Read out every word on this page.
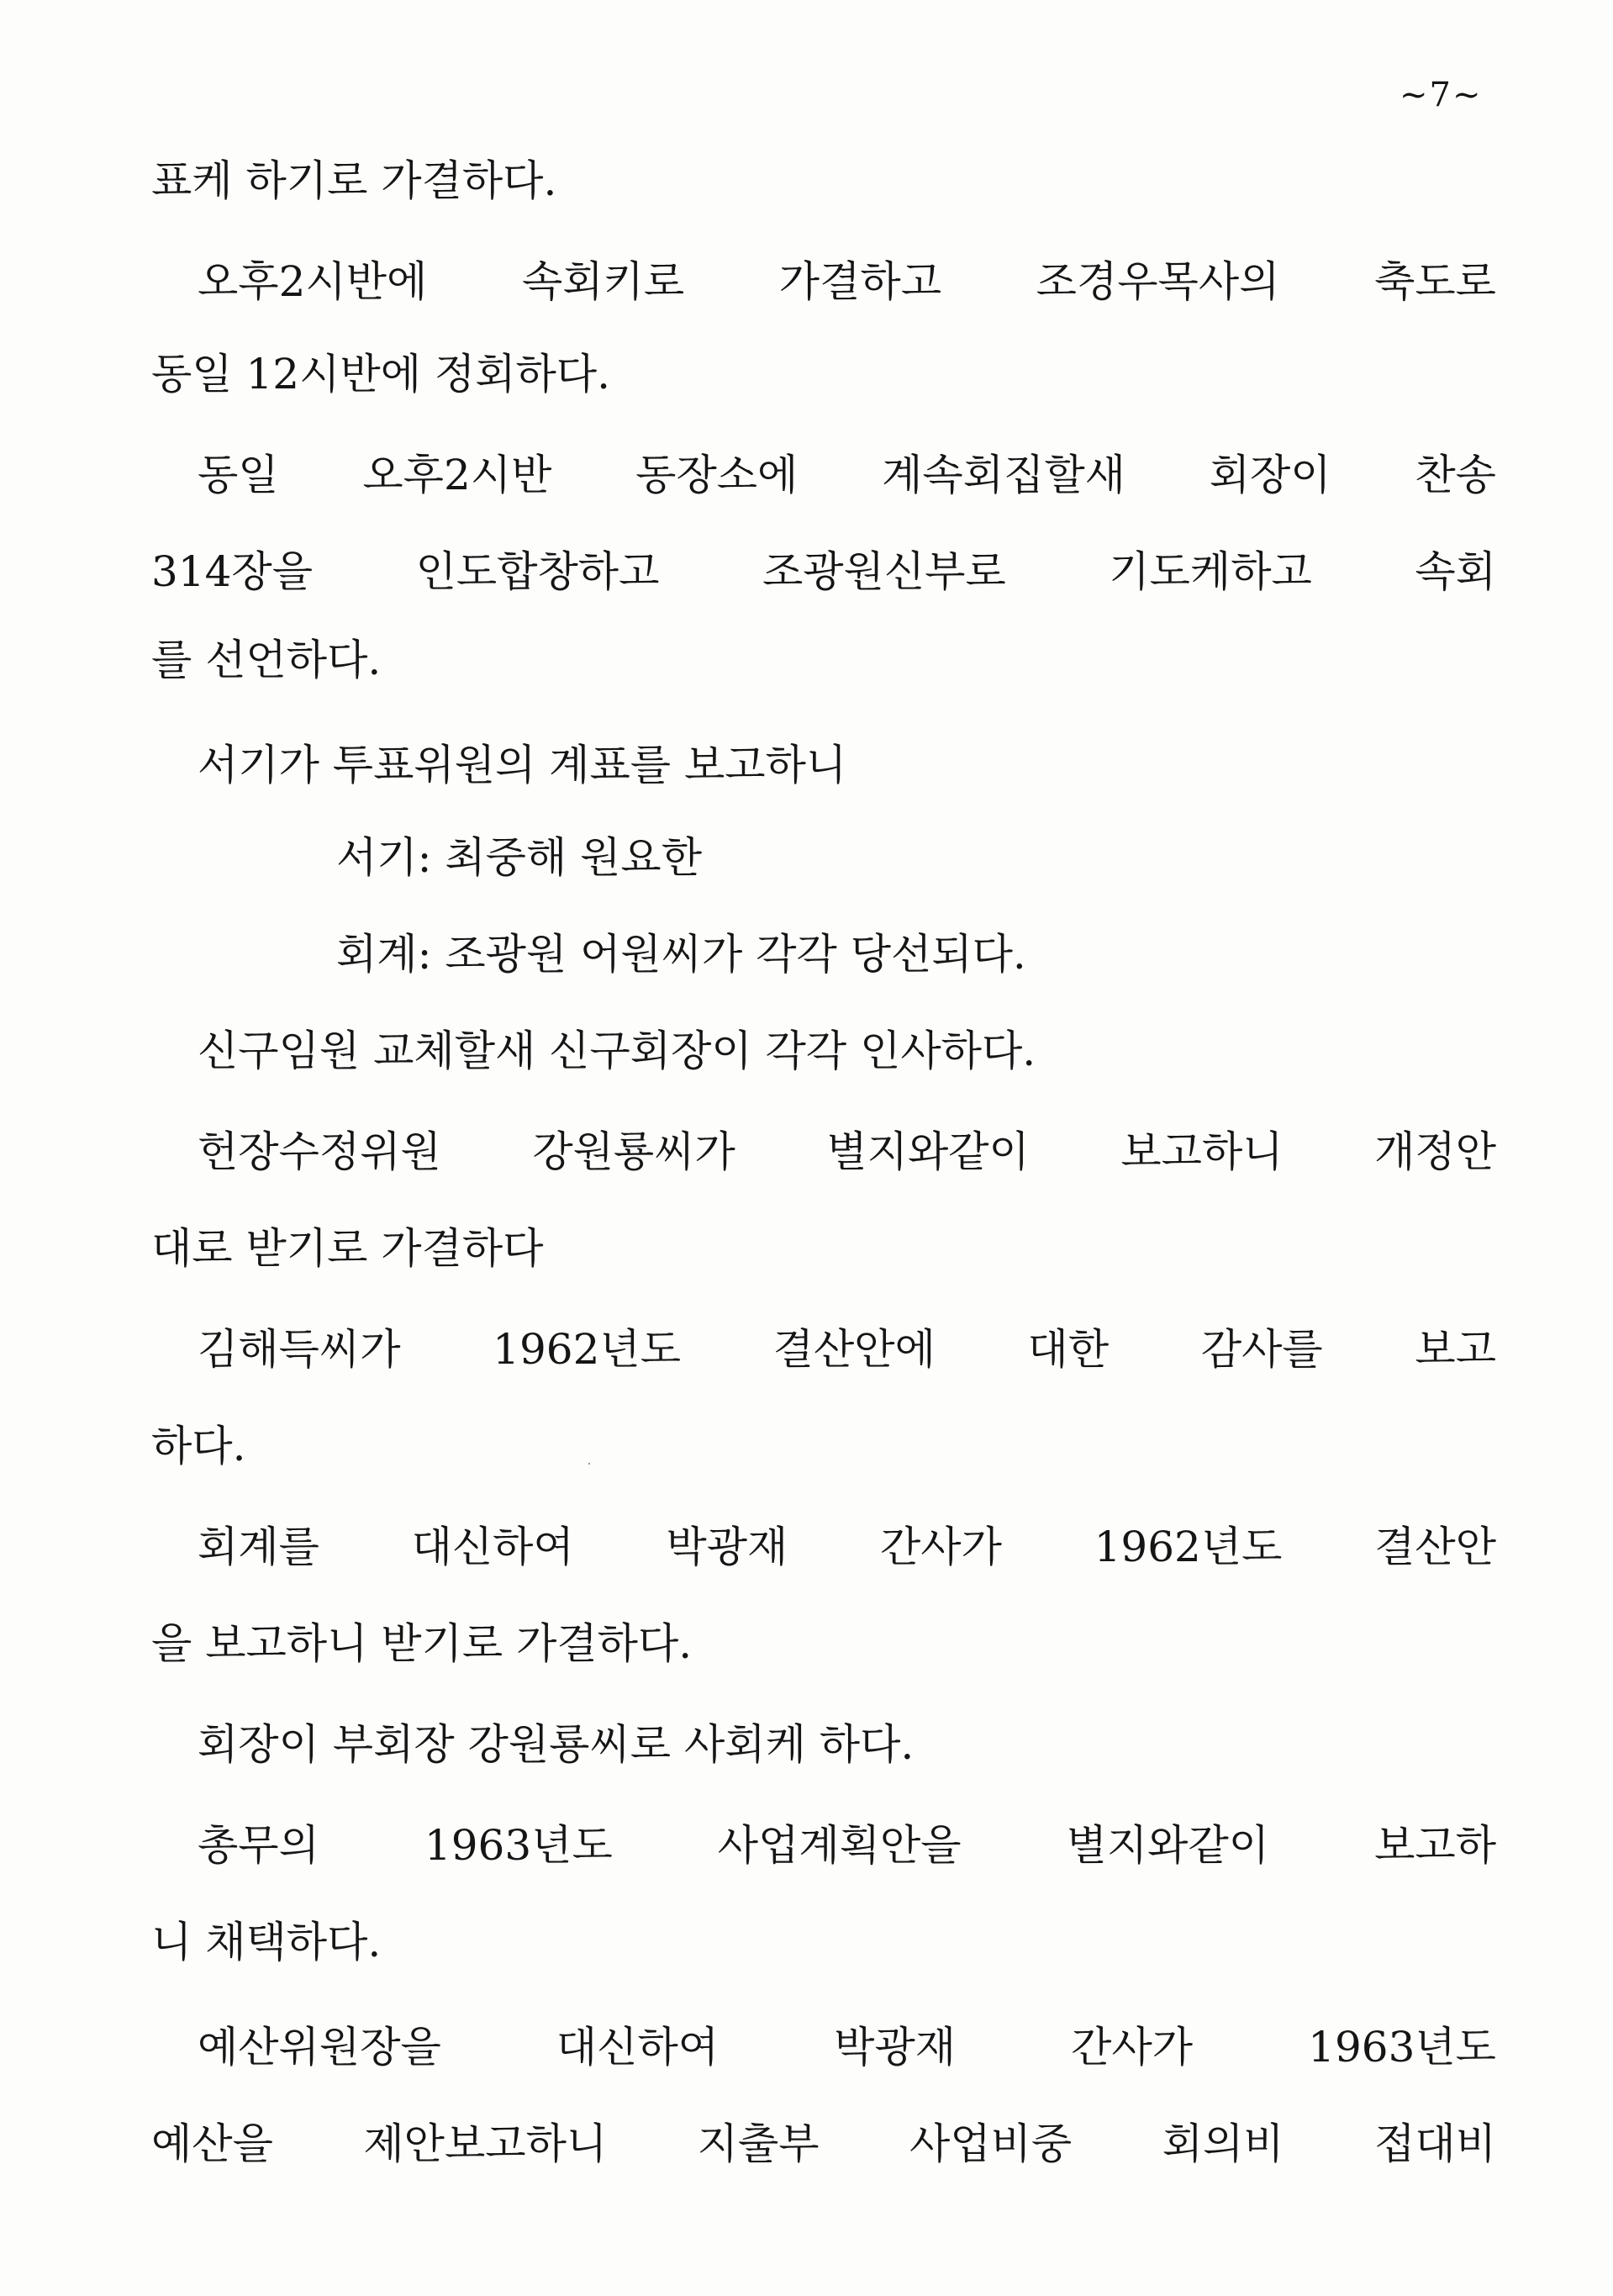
~7~
표케 하기로 가결하다.
오후2시반에 속회키로 가결하고 조경우목사의 축도로
동일 12시반에 정회하다.
동일 오후2시반 동장소에 계속회집할새 회장이 찬송
314장을 인도합창하고 조광원신부로 기도케하고 속회
를 선언하다.
서기가 투표위원의 계표를 보고하니
서기: 최중해 원요한
회계: 조광원 어원씨가 각각 당선되다.
신구임원 교체할새 신구회장이 각각 인사하다.
헌장수정위원 강원룡씨가 별지와같이 보고하니 개정안
대로 받기로 가결하다
김해득씨가 1962년도 결산안에 대한 감사를 보고
하다.
회계를 대신하여 박광재 간사가 1962년도 결산안
을 보고하니 받기로 가결하다.
회장이 부회장 강원룡씨로 사회케 하다.
총무의 1963년도 사업계획안을 별지와같이 보고하
니 채택하다.
예산위원장을 대신하여 박광재 간사가 1963년도
예산을 제안보고하니 지출부 사업비중 회의비 접대비
